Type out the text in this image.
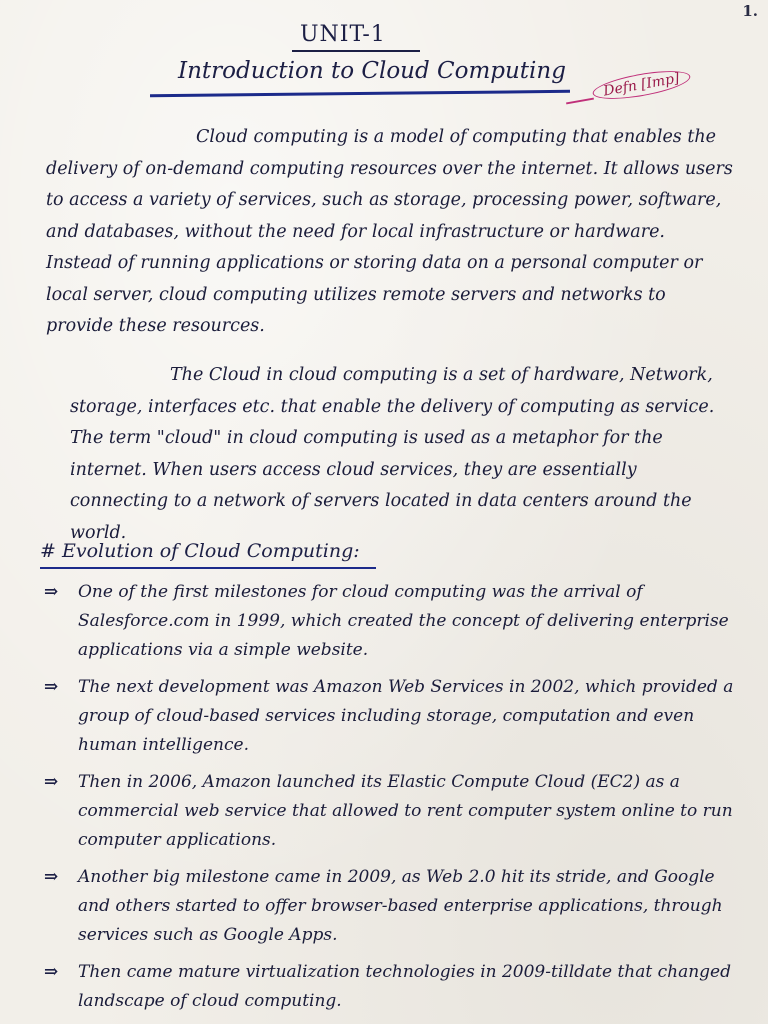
1.
UNIT-1
Introduction to Cloud Computing	Defn [Imp]
Cloud computing is a model of computing that enables the delivery of on-demand computing resources over the internet. It allows users to access a variety of services, such as storage, processing power, software, and databases, without the need for local infrastructure or hardware. Instead of running applications or storing data on a personal computer or local server, cloud computing utilizes remote servers and networks to provide these resources.
The Cloud in cloud computing is a set of hardware, Network, storage, interfaces etc. that enable the delivery of computing as service. The term "cloud" in cloud computing is used as a metaphor for the internet. When users access cloud services, they are essentially connecting to a network of servers located in data centers around the world.
# Evolution of Cloud Computing:
⇒ One of the first milestones for cloud computing was the arrival of Salesforce.com in 1999, which created the concept of delivering enterprise applications via a simple website.
⇒ The next development was Amazon Web Services in 2002, which provided a group of cloud-based services including storage, computation and even human intelligence.
⇒ Then in 2006, Amazon launched its Elastic Compute Cloud (EC2) as a commercial web service that allowed to rent computer system online to run computer applications.
⇒ Another big milestone came in 2009, as Web 2.0 hit its stride, and Google and others started to offer browser-based enterprise applications, through services such as Google Apps.
⇒ Then came mature virtualization technologies in 2009-tilldate that changed landscape of cloud computing.
